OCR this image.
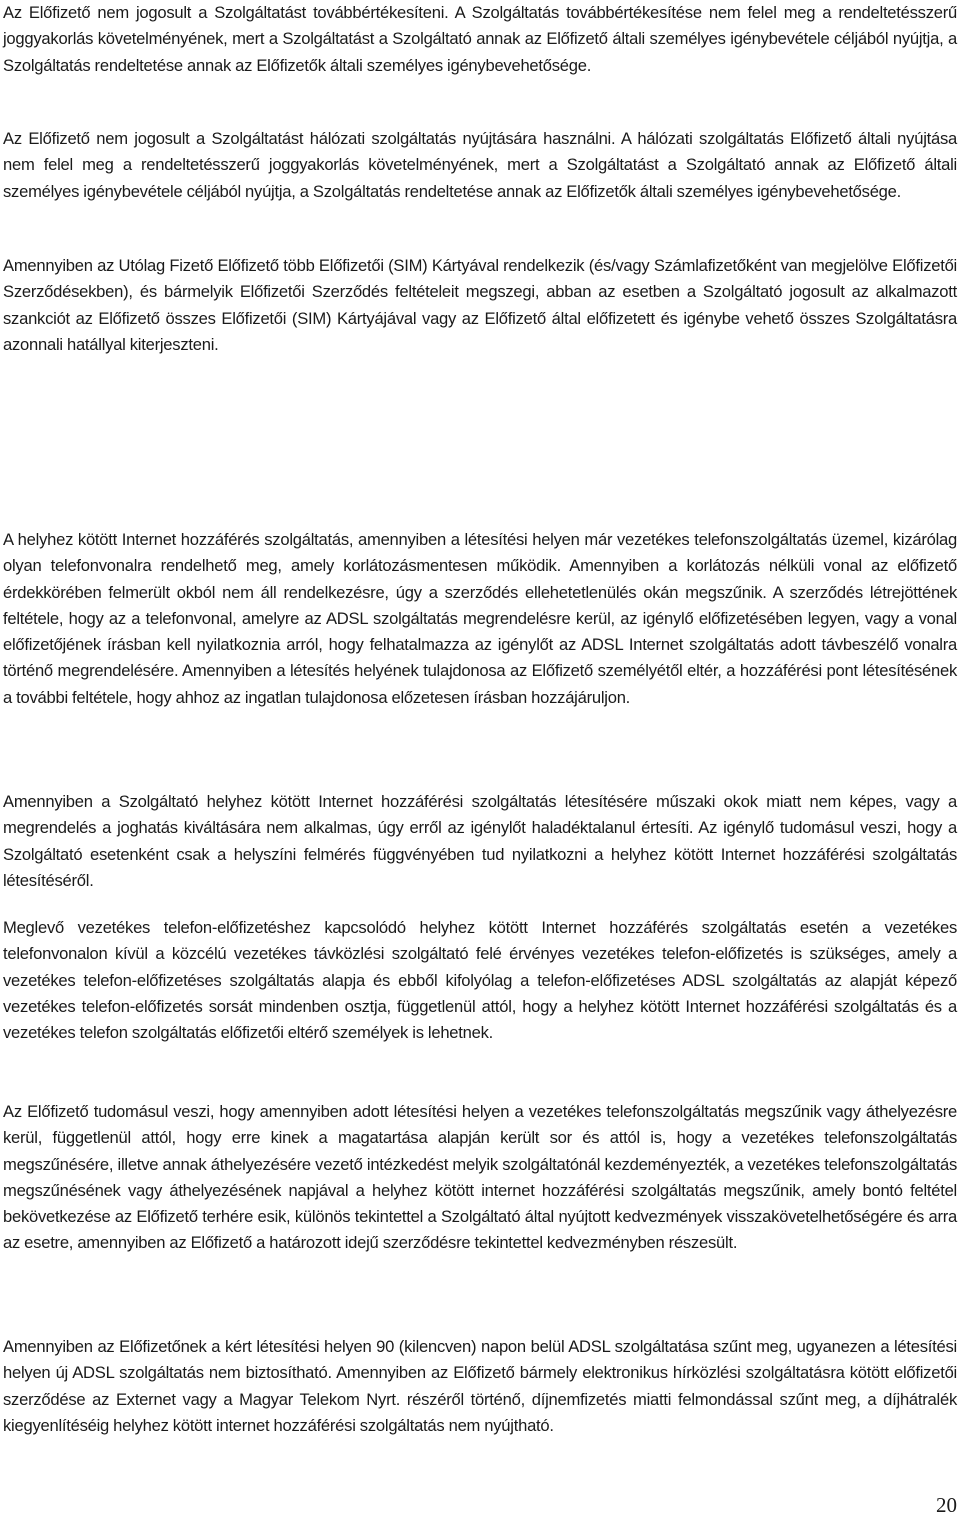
Az Előfizető nem jogosult a Szolgáltatást továbbértékesíteni. A Szolgáltatás továbbértékesítése nem felel meg a rendeltetésszerű joggyakorlás követelményének, mert a Szolgáltatást a Szolgáltató annak az Előfizető általi személyes igénybevétele céljából nyújtja, a Szolgáltatás rendeltetése annak az Előfizetők általi személyes igénybevehetősége.

Az Előfizető nem jogosult a Szolgáltatást hálózati szolgáltatás nyújtására használni. A hálózati szolgáltatás Előfizető általi nyújtása nem felel meg a rendeltetésszerű joggyakorlás követelményének, mert a Szolgáltatást a Szolgáltató annak az Előfizető általi személyes igénybevétele céljából nyújtja, a Szolgáltatás rendeltetése annak az Előfizetők általi személyes igénybevehetősége.

Amennyiben az Utólag Fizető Előfizető több Előfizetői (SIM) Kártyával rendelkezik (és/vagy Számlafizetőként van megjelölve Előfizetői Szerződésekben), és bármelyik Előfizetői Szerződés feltételeit megszegi, abban az esetben a Szolgáltató jogosult az alkalmazott szankciót az Előfizető összes Előfizetői (SIM) Kártyájával vagy az Előfizető által előfizetett és igénybe vehető összes Szolgáltatásra azonnali hatállyal kiterjeszteni.

A helyhez kötött Internet hozzáférés szolgáltatás, amennyiben a létesítési helyen már vezetékes telefonszolgáltatás üzemel, kizárólag olyan telefonvonalra rendelhető meg, amely korlátozásmentesen működik. Amennyiben a korlátozás nélküli vonal az előfizető érdekkörében felmerült okból nem áll rendelkezésre, úgy a szerződés ellehetetlenülés okán megszűnik. A szerződés létrejöttének feltétele, hogy az a telefonvonal, amelyre az ADSL szolgáltatás megrendelésre kerül, az igénylő előfizetésében legyen, vagy a vonal előfizetőjének írásban kell nyilatkoznia arról, hogy felhatalmazza az igénylőt az ADSL Internet szolgáltatás adott távbeszélő vonalra történő megrendelésére. Amennyiben a létesítés helyének tulajdonosa az Előfizető személyétől eltér, a hozzáférési pont létesítésének a további feltétele, hogy ahhoz az ingatlan tulajdonosa előzetesen írásban hozzájáruljon.

Amennyiben a Szolgáltató helyhez kötött Internet hozzáférési szolgáltatás létesítésére műszaki okok miatt nem képes, vagy a megrendelés a joghatás kiváltására nem alkalmas, úgy erről az igénylőt haladéktalanul értesíti. Az igénylő tudomásul veszi, hogy a Szolgáltató esetenként csak a helyszíni felmérés függvényében tud nyilatkozni a helyhez kötött Internet hozzáférési szolgáltatás létesítéséről.

Meglevő vezetékes telefon-előfizetéshez kapcsolódó helyhez kötött Internet hozzáférés szolgáltatás esetén a vezetékes telefonvonalon kívül a közcélú vezetékes távközlési szolgáltató felé érvényes vezetékes telefon-előfizetés is szükséges, amely a vezetékes telefon-előfizetéses szolgáltatás alapja és ebből kifolyólag a telefon-előfizetéses ADSL szolgáltatás az alapját képező vezetékes telefon-előfizetés sorsát mindenben osztja, függetlenül attól, hogy a helyhez kötött Internet hozzáférési szolgáltatás és a vezetékes telefon szolgáltatás előfizetői eltérő személyek is lehetnek.

Az Előfizető tudomásul veszi, hogy amennyiben adott létesítési helyen a vezetékes telefonszolgáltatás megszűnik vagy áthelyezésre kerül, függetlenül attól, hogy erre kinek a magatartása alapján került sor és attól is, hogy a vezetékes telefonszolgáltatás megszűnésére, illetve annak áthelyezésére vezető intézkedést melyik szolgáltatónál kezdeményezték, a vezetékes telefonszolgáltatás megszűnésének vagy áthelyezésének napjával a helyhez kötött internet hozzáférési szolgáltatás megszűnik, amely bontó feltétel bekövetkezése az Előfizető terhére esik, különös tekintettel a Szolgáltató által nyújtott kedvezmények visszakövetelhetőségére és arra az esetre, amennyiben az Előfizető a határozott idejű szerződésre tekintettel kedvezményben részesült.

Amennyiben az Előfizetőnek a kért létesítési helyen 90 (kilencven) napon belül ADSL szolgáltatása szűnt meg, ugyanezen a létesítési helyen új ADSL szolgáltatás nem biztosítható. Amennyiben az Előfizető bármely elektronikus hírközlési szolgáltatásra kötött előfizetői szerződése az Externet vagy a Magyar Telekom Nyrt. részéről történő, díjnemfizetés miatti felmondással szűnt meg, a díjhátralék kiegyenlítéséig helyhez kötött internet hozzáférési szolgáltatás nem nyújtható.

20
